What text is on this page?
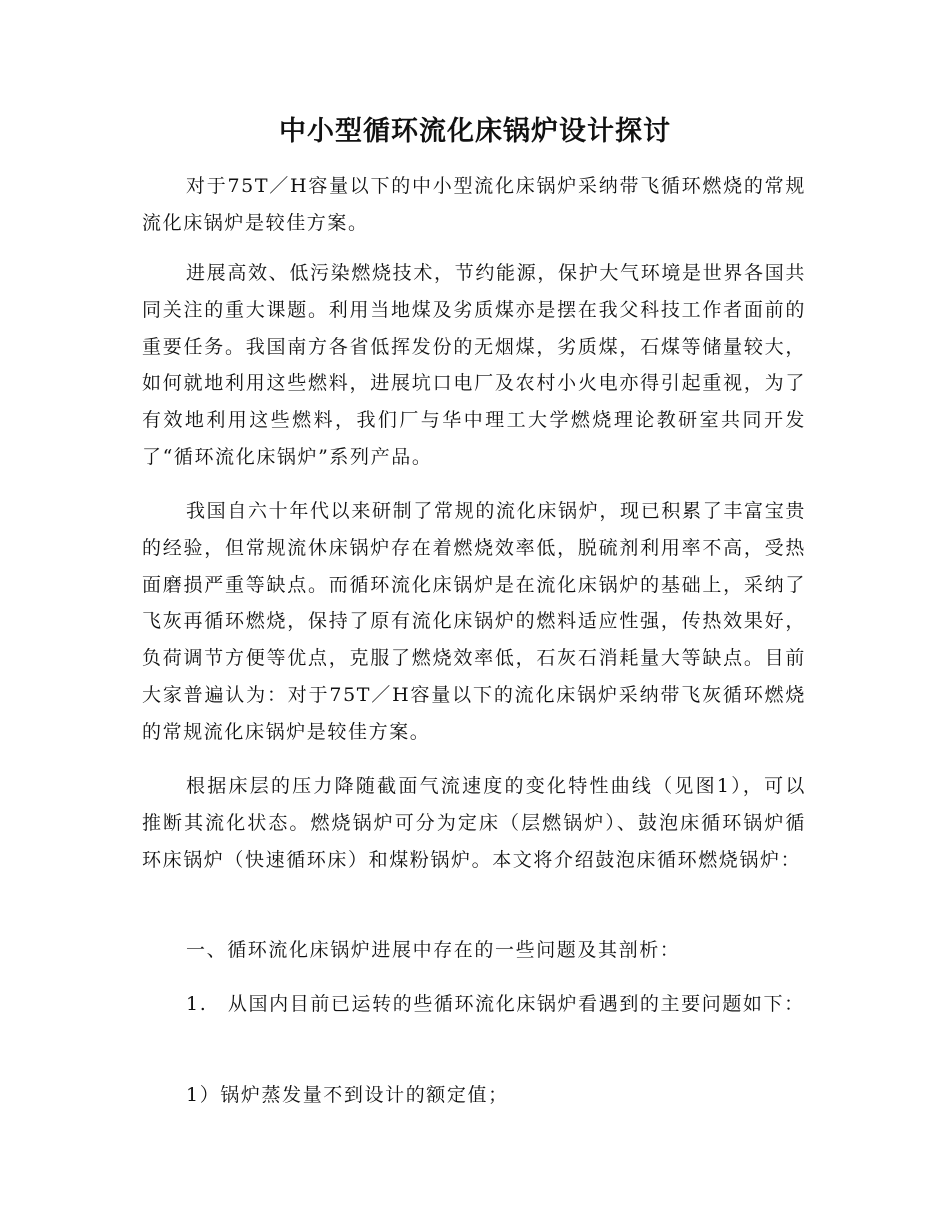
中小型循环流化床锅炉设计探讨

对于75T／H容量以下的中小型流化床锅炉采纳带飞循环燃烧的常规流化床锅炉是较佳方案。

进展高效、低污染燃烧技术，节约能源，保护大气环境是世界各国共同关注的重大课题。利用当地煤及劣质煤亦是摆在我父科技工作者面前的重要任务。我国南方各省低挥发份的无烟煤，劣质煤，石煤等储量较大，如何就地利用这些燃料，进展坑口电厂及农村小火电亦得引起重视，为了有效地利用这些燃料，我们厂与华中理工大学燃烧理论教研室共同开发了“循环流化床锅炉”系列产品。

我国自六十年代以来研制了常规的流化床锅炉，现已积累了丰富宝贵的经验，但常规流休床锅炉存在着燃烧效率低，脱硫剂利用率不高，受热面磨损严重等缺点。而循环流化床锅炉是在流化床锅炉的基础上，采纳了飞灰再循环燃烧，保持了原有流化床锅炉的燃料适应性强，传热效果好，负荷调节方便等优点，克服了燃烧效率低，石灰石消耗量大等缺点。目前大家普遍认为：对于75T／H容量以下的流化床锅炉采纳带飞灰循环燃烧的常规流化床锅炉是较佳方案。

根据床层的压力降随截面气流速度的变化特性曲线（见图1），可以推断其流化状态。燃烧锅炉可分为定床（层燃锅炉）、鼓泡床循环锅炉循环床锅炉（快速循环床）和煤粉锅炉。本文将介绍鼓泡床循环燃烧锅炉：

一、循环流化床锅炉进展中存在的一些问题及其剖析：

1.　从国内目前已运转的些循环流化床锅炉看遇到的主要问题如下：

1）锅炉蒸发量不到设计的额定值；
